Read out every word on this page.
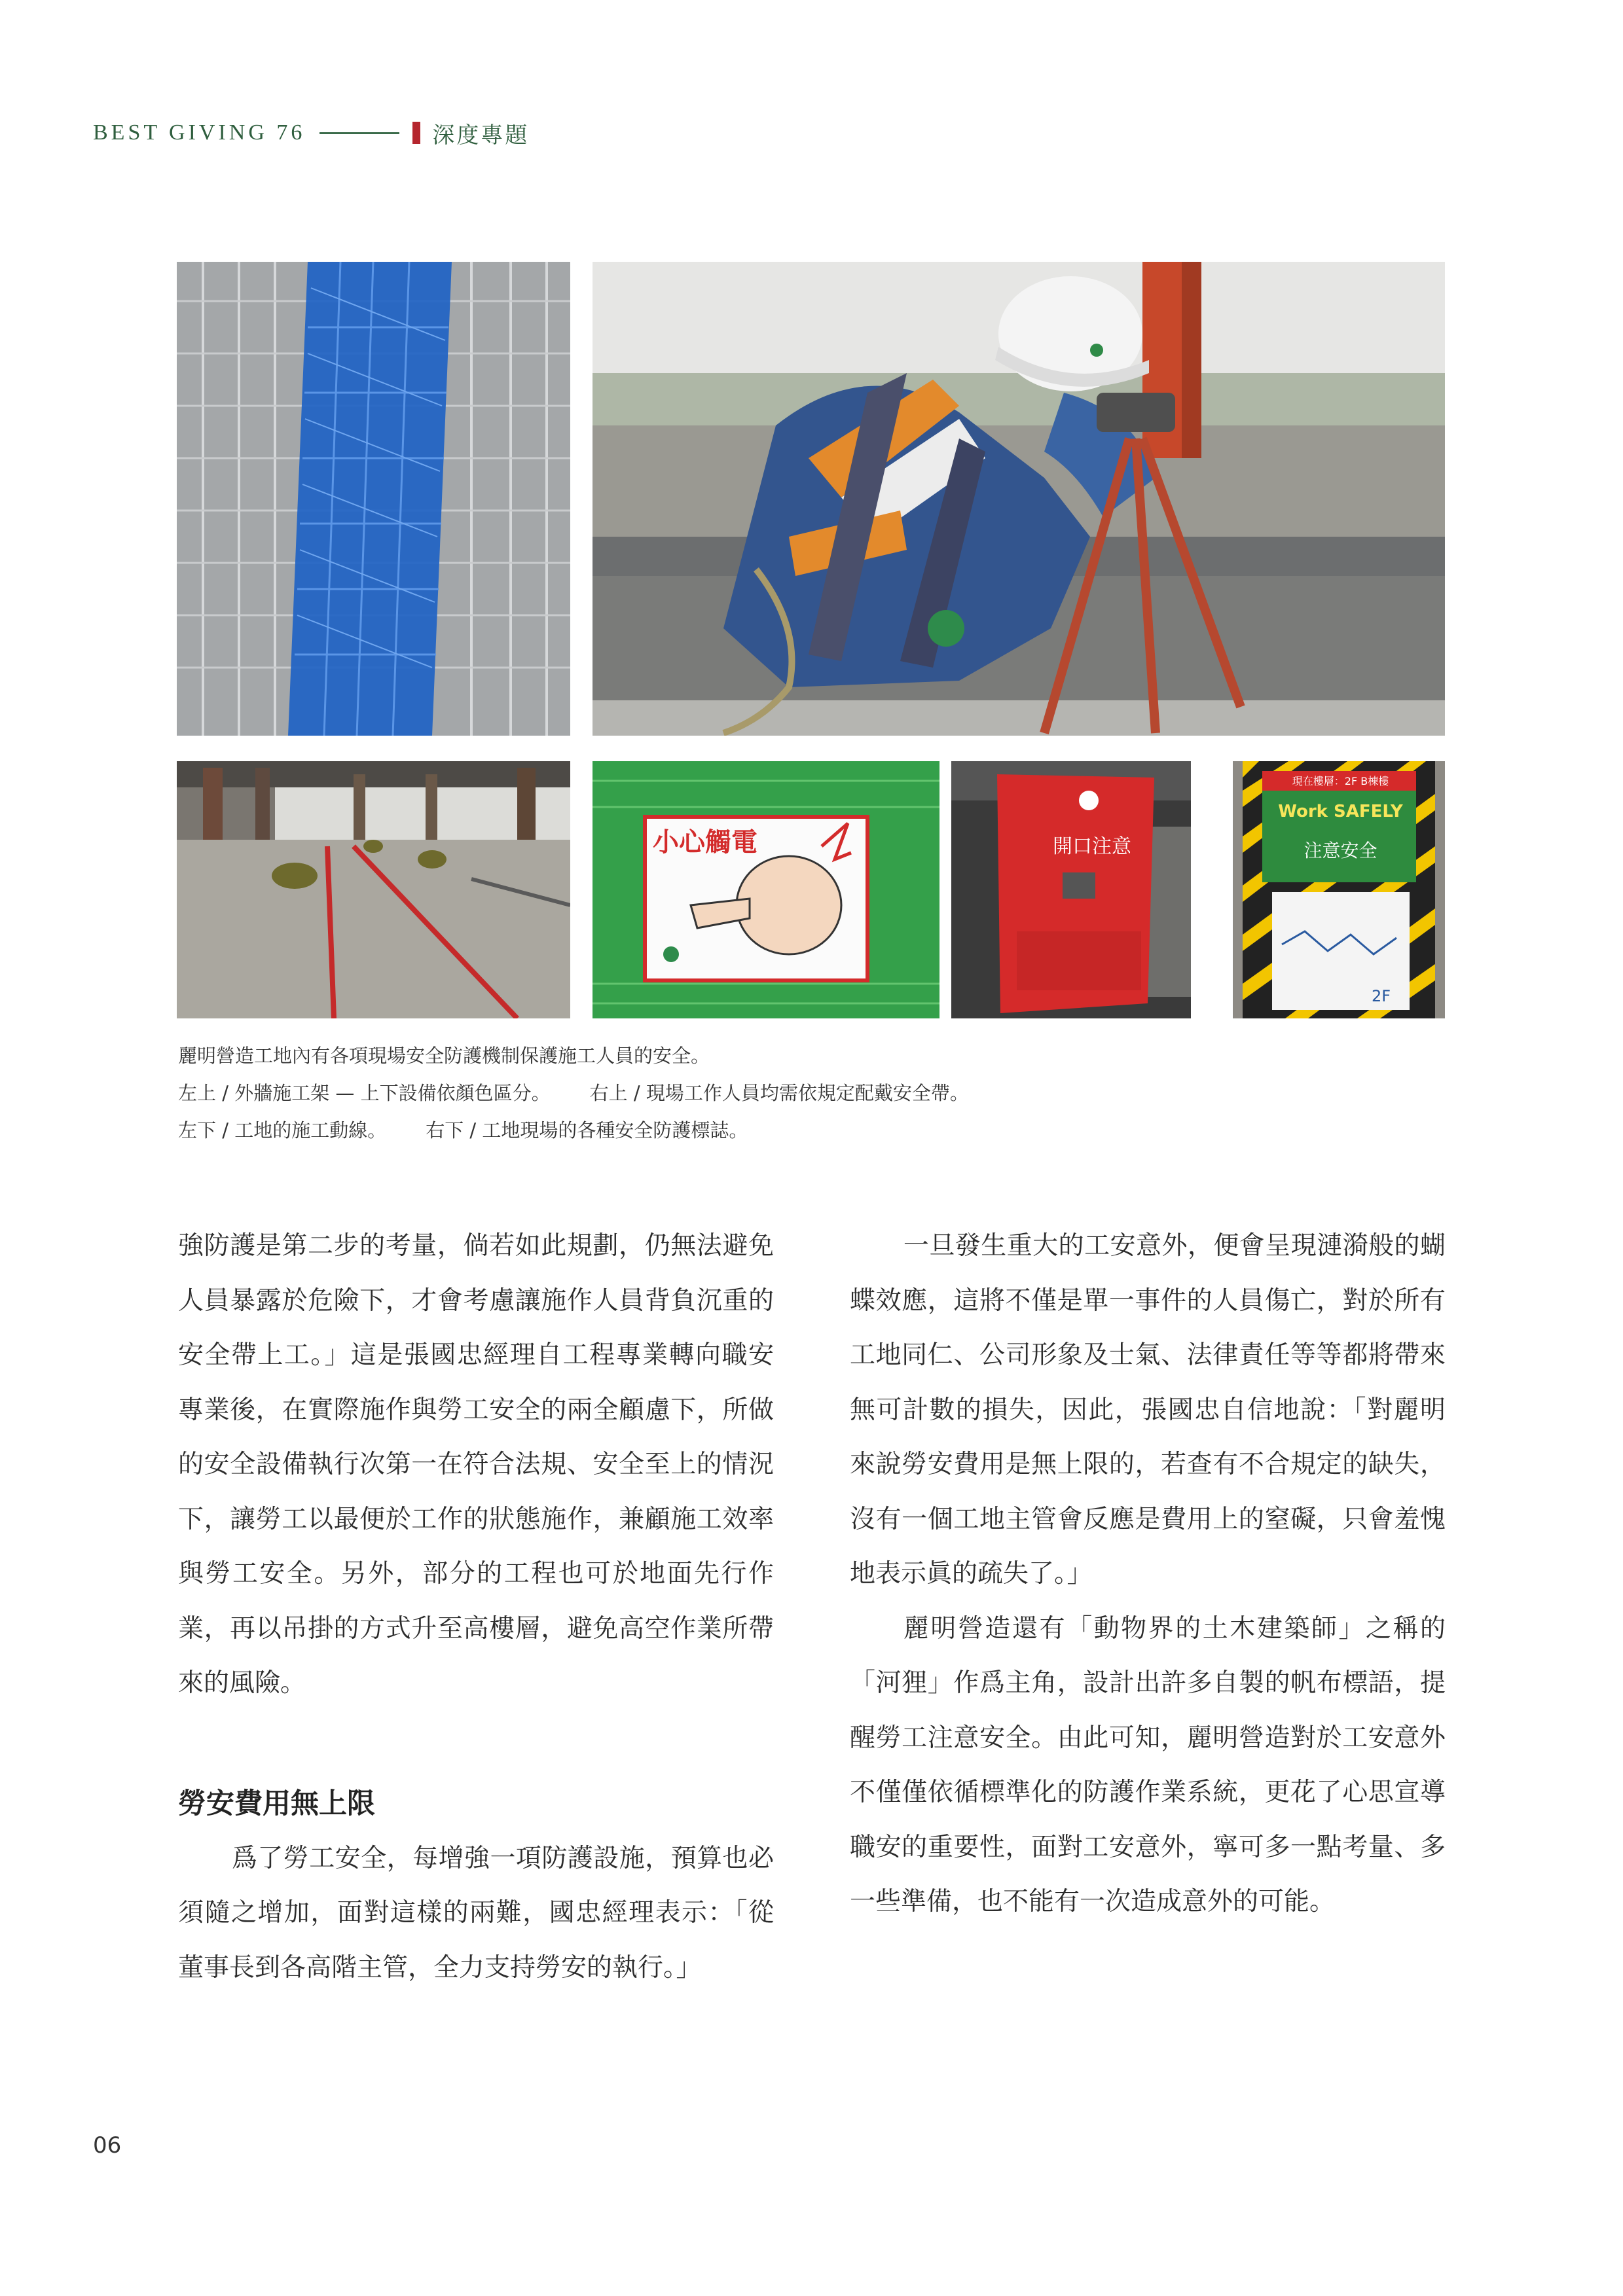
BEST GIVING 76	深度專題
小心觸電	開口注意
現在樓層：2F B棟樓
Work SAFELY
注意安全
2F
麗明營造工地內有各項現場安全防護機制保護施工人員的安全。
左上 / 外牆施工架 — 上下設備依顏色區分。 右上 / 現場工作人員均需依規定配戴安全帶。
左下 / 工地的施工動線。 右下 / 工地現場的各種安全防護標誌。

強防護是第二步的考量，倘若如此規劃，仍無法避免人員暴露於危險下，才會考慮讓施作人員背負沉重的安全帶上工。」這是張國忠經理自工程專業轉向職安專業後，在實際施作與勞工安全的兩全顧慮下，所做的安全設備執行次第一在符合法規、安全至上的情況下，讓勞工以最便於工作的狀態施作，兼顧施工效率與勞工安全。另外，部分的工程也可於地面先行作業，再以吊掛的方式升至高樓層，避免高空作業所帶來的風險。

勞安費用無上限

爲了勞工安全，每增強一項防護設施，預算也必須隨之增加，面對這樣的兩難，國忠經理表示：「從董事長到各高階主管，全力支持勞安的執行。」

一旦發生重大的工安意外，便會呈現漣漪般的蝴蝶效應，這將不僅是單一事件的人員傷亡，對於所有工地同仁、公司形象及士氣、法律責任等等都將帶來無可計數的損失，因此，張國忠自信地說：「對麗明來說勞安費用是無上限的，若查有不合規定的缺失，沒有一個工地主管會反應是費用上的窒礙，只會羞愧地表示眞的疏失了。」

麗明營造還有「動物界的土木建築師」之稱的「河狸」作爲主角，設計出許多自製的帆布標語，提醒勞工注意安全。由此可知，麗明營造對於工安意外不僅僅依循標準化的防護作業系統，更花了心思宣導職安的重要性，面對工安意外，寧可多一點考量、多一些準備，也不能有一次造成意外的可能。

06
